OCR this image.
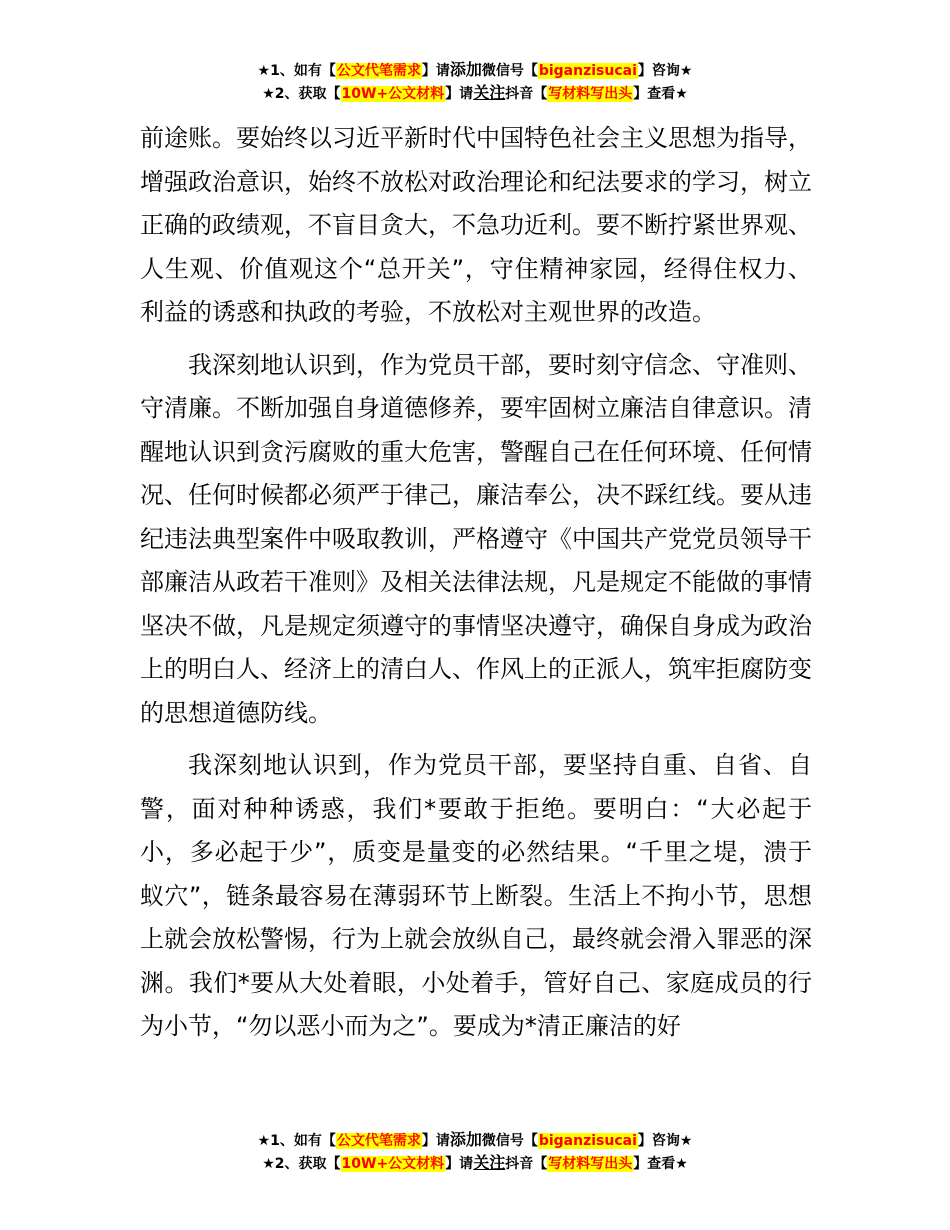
★1、如有【公文代笔需求】请添加微信号【biganzisucai】咨询★
★2、获取【10W+公文材料】请关注抖音【写材料写出头】查看★

前途账。要始终以习近平新时代中国特色社会主义思想为指导，增强政治意识，始终不放松对政治理论和纪法要求的学习，树立正确的政绩观，不盲目贪大，不急功近利。要不断拧紧世界观、人生观、价值观这个“总开关”，守住精神家园，经得住权力、利益的诱惑和执政的考验，不放松对主观世界的改造。

我深刻地认识到，作为党员干部，要时刻守信念、守准则、守清廉。不断加强自身道德修养，要牢固树立廉洁自律意识。清醒地认识到贪污腐败的重大危害，警醒自己在任何环境、任何情况、任何时候都必须严于律己，廉洁奉公，决不踩红线。要从违纪违法典型案件中吸取教训，严格遵守《中国共产党党员领导干部廉洁从政若干准则》及相关法律法规，凡是规定不能做的事情坚决不做，凡是规定须遵守的事情坚决遵守，确保自身成为政治上的明白人、经济上的清白人、作风上的正派人，筑牢拒腐防变的思想道德防线。

我深刻地认识到，作为党员干部，要坚持自重、自省、自警，面对种种诱惑，我们*要敢于拒绝。要明白：“大必起于小，多必起于少”，质变是量变的必然结果。“千里之堤，溃于蚁穴”，链条最容易在薄弱环节上断裂。生活上不拘小节，思想上就会放松警惕，行为上就会放纵自己，最终就会滑入罪恶的深渊。我们*要从大处着眼，小处着手，管好自己、家庭成员的行为小节，“勿以恶小而为之”。要成为*清正廉洁的好

★1、如有【公文代笔需求】请添加微信号【biganzisucai】咨询★
★2、获取【10W+公文材料】请关注抖音【写材料写出头】查看★
